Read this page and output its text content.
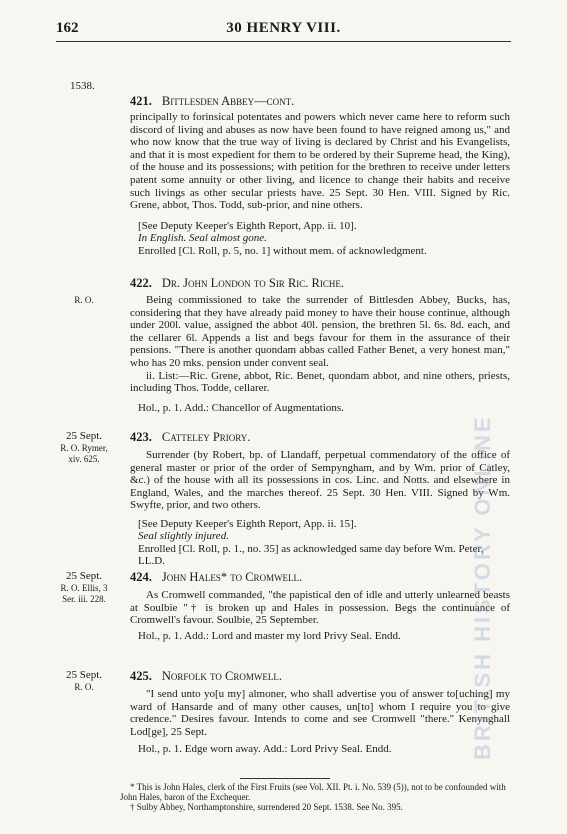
162	30 HENRY VIII.
1538.
421. Bittlesden Abbey—cont.

principally to forinsical potentates and powers which never came here to reform such discord of living and abuses as now have been found to have reigned among us," and who now know that the true way of living is declared by Christ and his Evangelists, and that it is most expedient for them to be ordered by their Supreme head, the King), of the house and its possessions; with petition for the brethren to receive under letters patent some annuity or other living, and licence to change their habits and receive such livings as other secular priests have. 25 Sept. 30 Hen. VIII. Signed by Ric. Grene, abbot, Thos. Todd, sub-prior, and nine others.

[See Deputy Keeper's Eighth Report, App. ii. 10].
In English. Seal almost gone.
Enrolled [Cl. Roll, p. 5, no. 1] without mem. of acknowledgment.
R. O.
422. Dr. John London to Sir Ric. Riche.

Being commissioned to take the surrender of Bittlesden Abbey, Bucks, has, considering that they have already paid money to have their house continue, although under 200l. value, assigned the abbot 40l. pension, the brethren 5l. 6s. 8d. each, and the cellarer 6l. Appends a list and begs favour for them in the assurance of their pensions. "There is another quondam abbas called Father Benet, a very honest man," who has 20 mks. pension under convent seal.

ii. List:—Ric. Grene, abbot, Ric. Benet, quondam abbot, and nine others, priests, including Thos. Todde, cellarer.

Hol., p. 1. Add.: Chancellor of Augmentations.
25 Sept.
R. O. Rymer, xiv. 625.
423. Catteley Priory.

Surrender (by Robert, bp. of Llandaff, perpetual commendatory of the office of general master or prior of the order of Sempyngham, and by Wm. prior of Catley, &c.) of the house with all its possessions in cos. Linc. and Notts. and elsewhere in England, Wales, and the marches thereof. 25 Sept. 30 Hen. VIII. Signed by Wm. Swyfte, prior, and two others.

[See Deputy Keeper's Eighth Report, App. ii. 15].
Seal slightly injured.
Enrolled [Cl. Roll, p. 1., no. 35] as acknowledged same day before Wm. Peter, LL.D.
25 Sept.
R. O. Ellis, 3 Ser. iii. 228.
424. John Hales* to Cromwell.

As Cromwell commanded, "the papistical den of idle and utterly unlearned beasts at Soulbie "† is broken up and Hales in possession. Begs the continuance of Cromwell's favour. Soulbie, 25 September.

Hol., p. 1. Add.: Lord and master my lord Privy Seal. Endd.
25 Sept.
R. O.
425. Norfolk to Cromwell.

"I send unto yo[u my] almoner, who shall advertise you of answer to[uching] my ward of Hansarde and of many other causes, un[to] whom I require you to give credence." Desires favour. Intends to come and see Cromwell "there." Kenynghall Lod[ge], 25 Sept.

Hol., p. 1. Edge worn away. Add.: Lord Privy Seal. Endd.
* This is John Hales, clerk of the First Fruits (see Vol. XII. Pt. i. No. 539 (5)), not to be confounded with John Hales, baron of the Exchequer.
† Sulby Abbey, Northamptonshire, surrendered 20 Sept. 1538. See No. 395.
BRITISH HISTORY ONLINE
